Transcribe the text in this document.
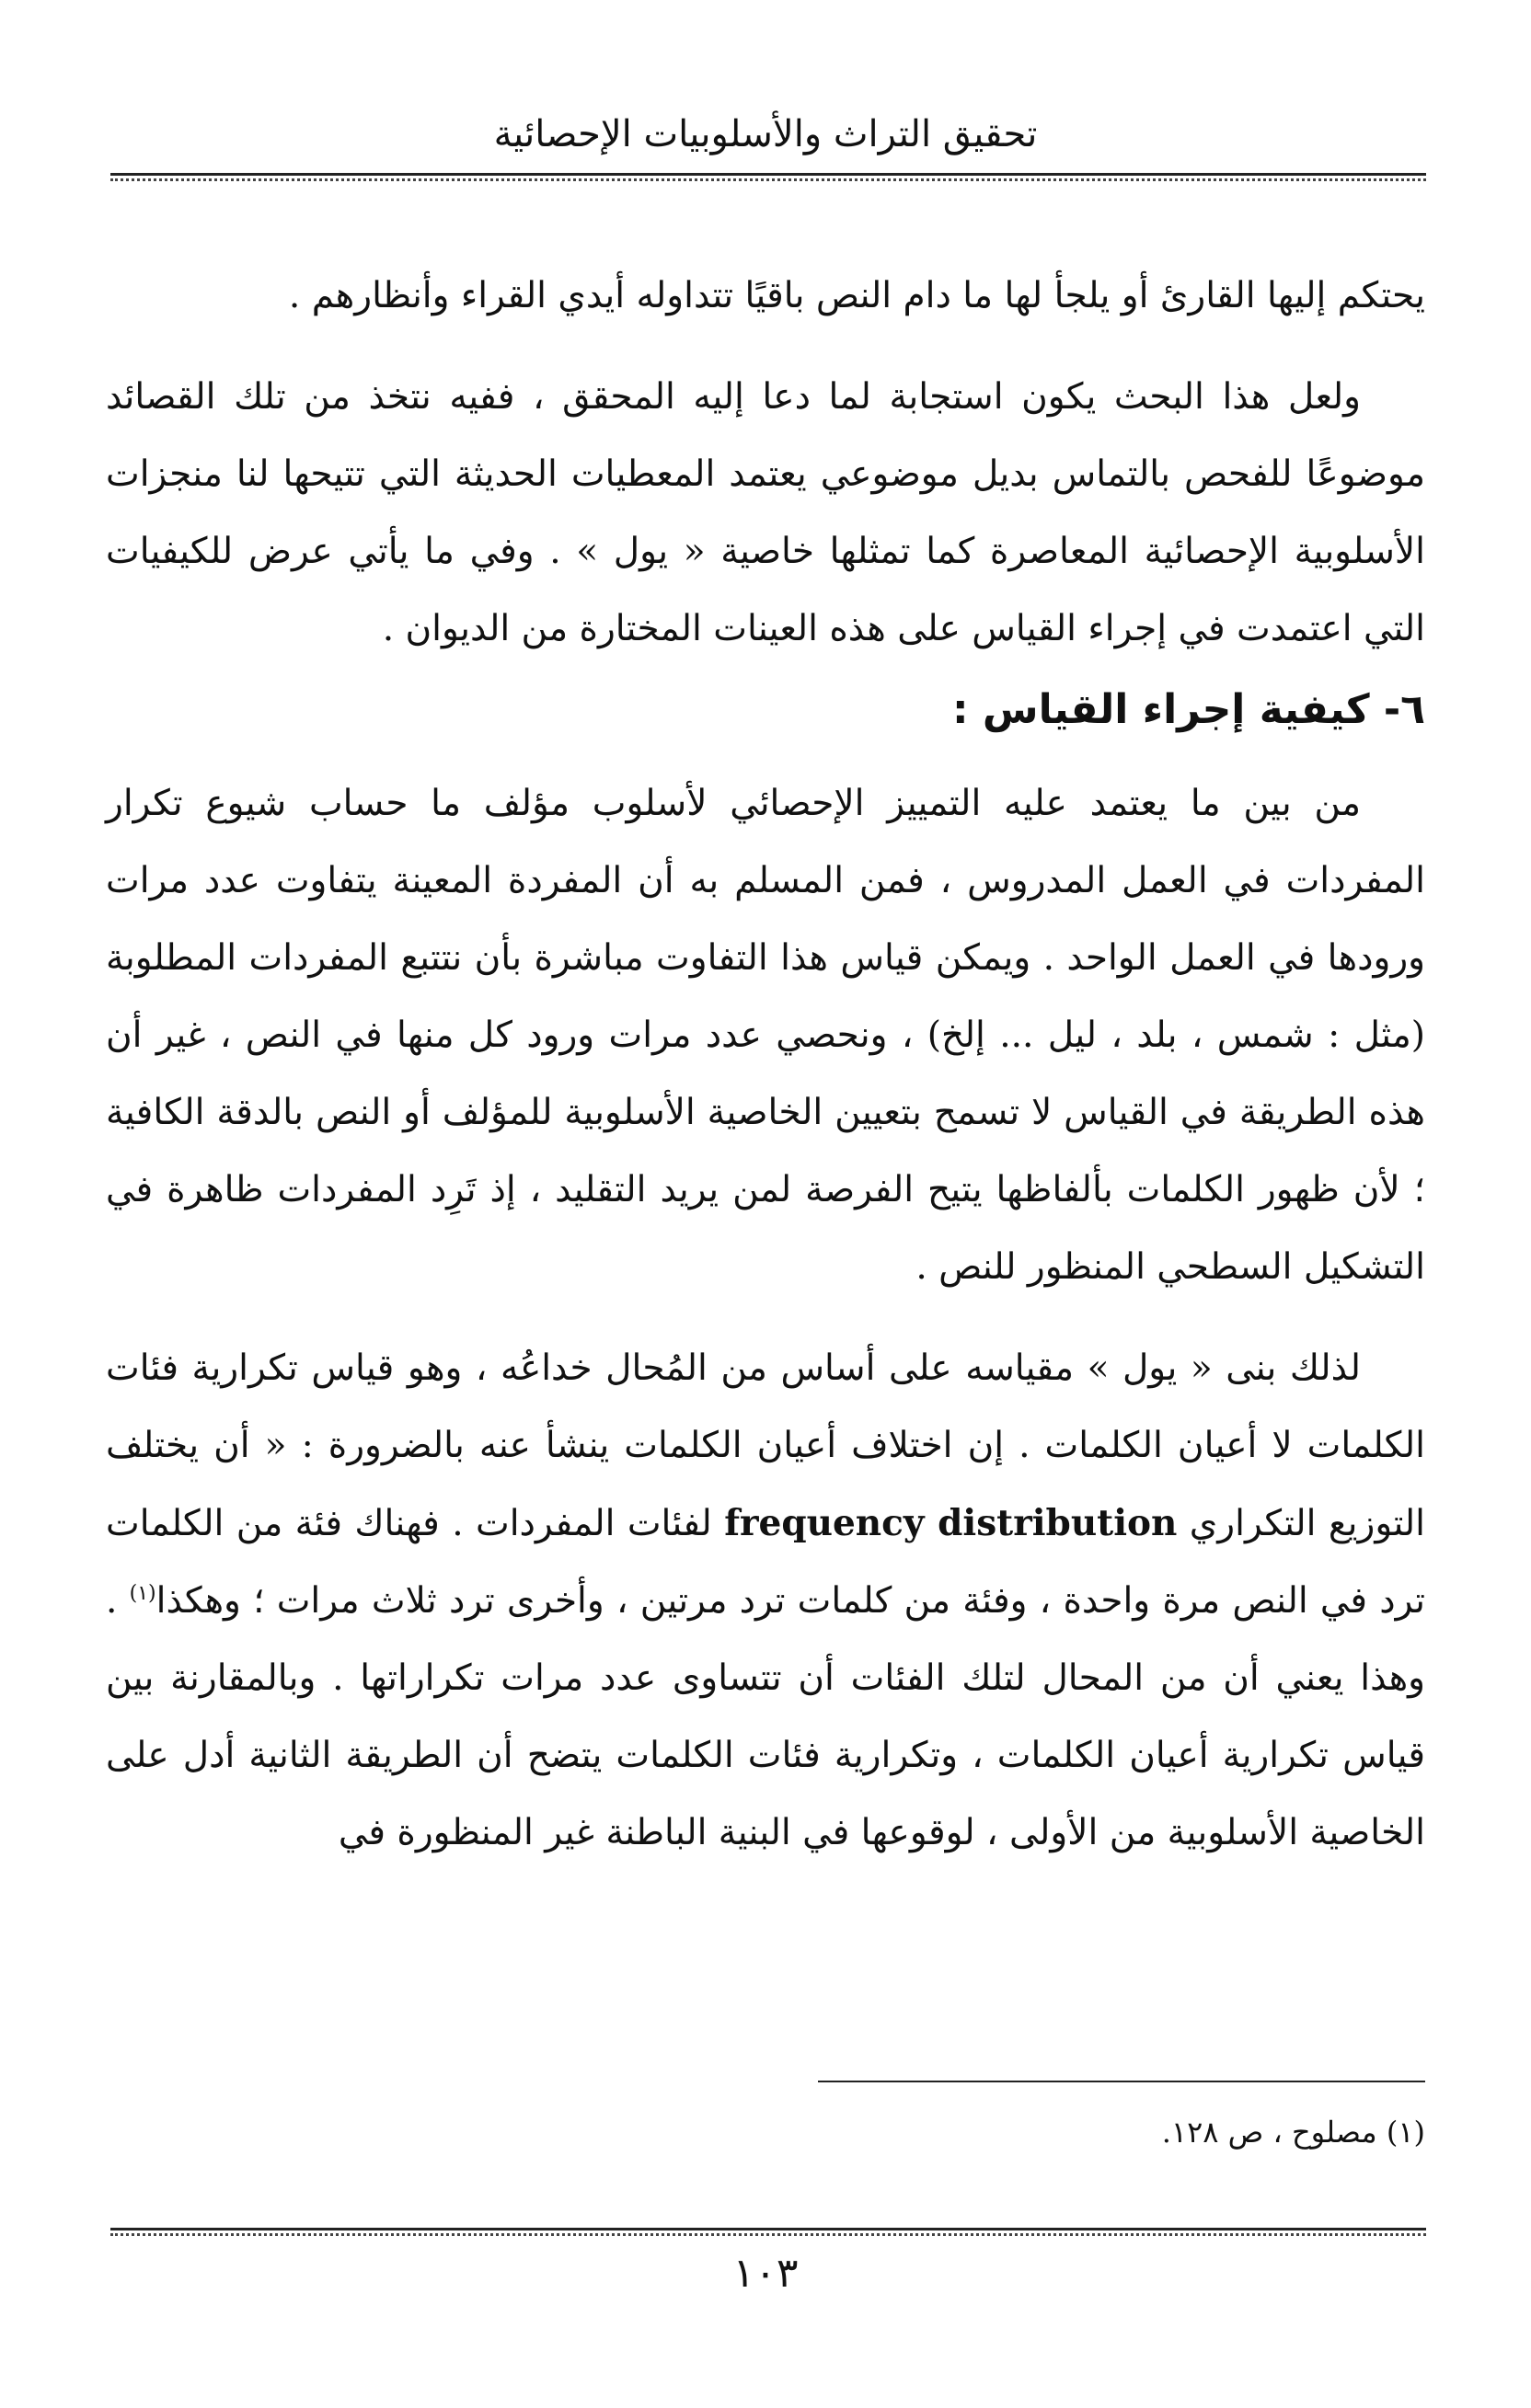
تحقيق التراث والأسلوبيات الإحصائية

يحتكم إليها القارئ أو يلجأ لها ما دام النص باقيًا تتداوله أيدي القراء وأنظارهم .

ولعل هذا البحث يكون استجابة لما دعا إليه المحقق ، ففيه نتخذ من تلك القصائد موضوعًا للفحص بالتماس بديل موضوعي يعتمد المعطيات الحديثة التي تتيحها لنا منجزات الأسلوبية الإحصائية المعاصرة كما تمثلها خاصية « يول » . وفي ما يأتي عرض للكيفيات التي اعتمدت في إجراء القياس على هذه العينات المختارة من الديوان .

٦- كيفية إجراء القياس :

من بين ما يعتمد عليه التمييز الإحصائي لأسلوب مؤلف ما حساب شيوع تكرار المفردات في العمل المدروس ، فمن المسلم به أن المفردة المعينة يتفاوت عدد مرات ورودها في العمل الواحد . ويمكن قياس هذا التفاوت مباشرة بأن نتتبع المفردات المطلوبة (مثل : شمس ، بلد ، ليل ... إلخ) ، ونحصي عدد مرات ورود كل منها في النص ، غير أن هذه الطريقة في القياس لا تسمح بتعيين الخاصية الأسلوبية للمؤلف أو النص بالدقة الكافية ؛ لأن ظهور الكلمات بألفاظها يتيح الفرصة لمن يريد التقليد ، إذ تَرِد المفردات ظاهرة في التشكيل السطحي المنظور للنص .

لذلك بنى « يول » مقياسه على أساس من المُحال خداعُه ، وهو قياس تكرارية فئات الكلمات لا أعيان الكلمات . إن اختلاف أعيان الكلمات ينشأ عنه بالضرورة : « أن يختلف التوزيع التكراري frequency distribution لفئات المفردات . فهناك فئة من الكلمات ترد في النص مرة واحدة ، وفئة من كلمات ترد مرتين ، وأخرى ترد ثلاث مرات ؛ وهكذا$^{(١)}$ . وهذا يعني أن من المحال لتلك الفئات أن تتساوى عدد مرات تكراراتها . وبالمقارنة بين قياس تكرارية أعيان الكلمات ، وتكرارية فئات الكلمات يتضح أن الطريقة الثانية أدل على الخاصية الأسلوبية من الأولى ، لوقوعها في البنية الباطنة غير المنظورة في

(١) مصلوح ، ص ١٢٨.
١٠٣
